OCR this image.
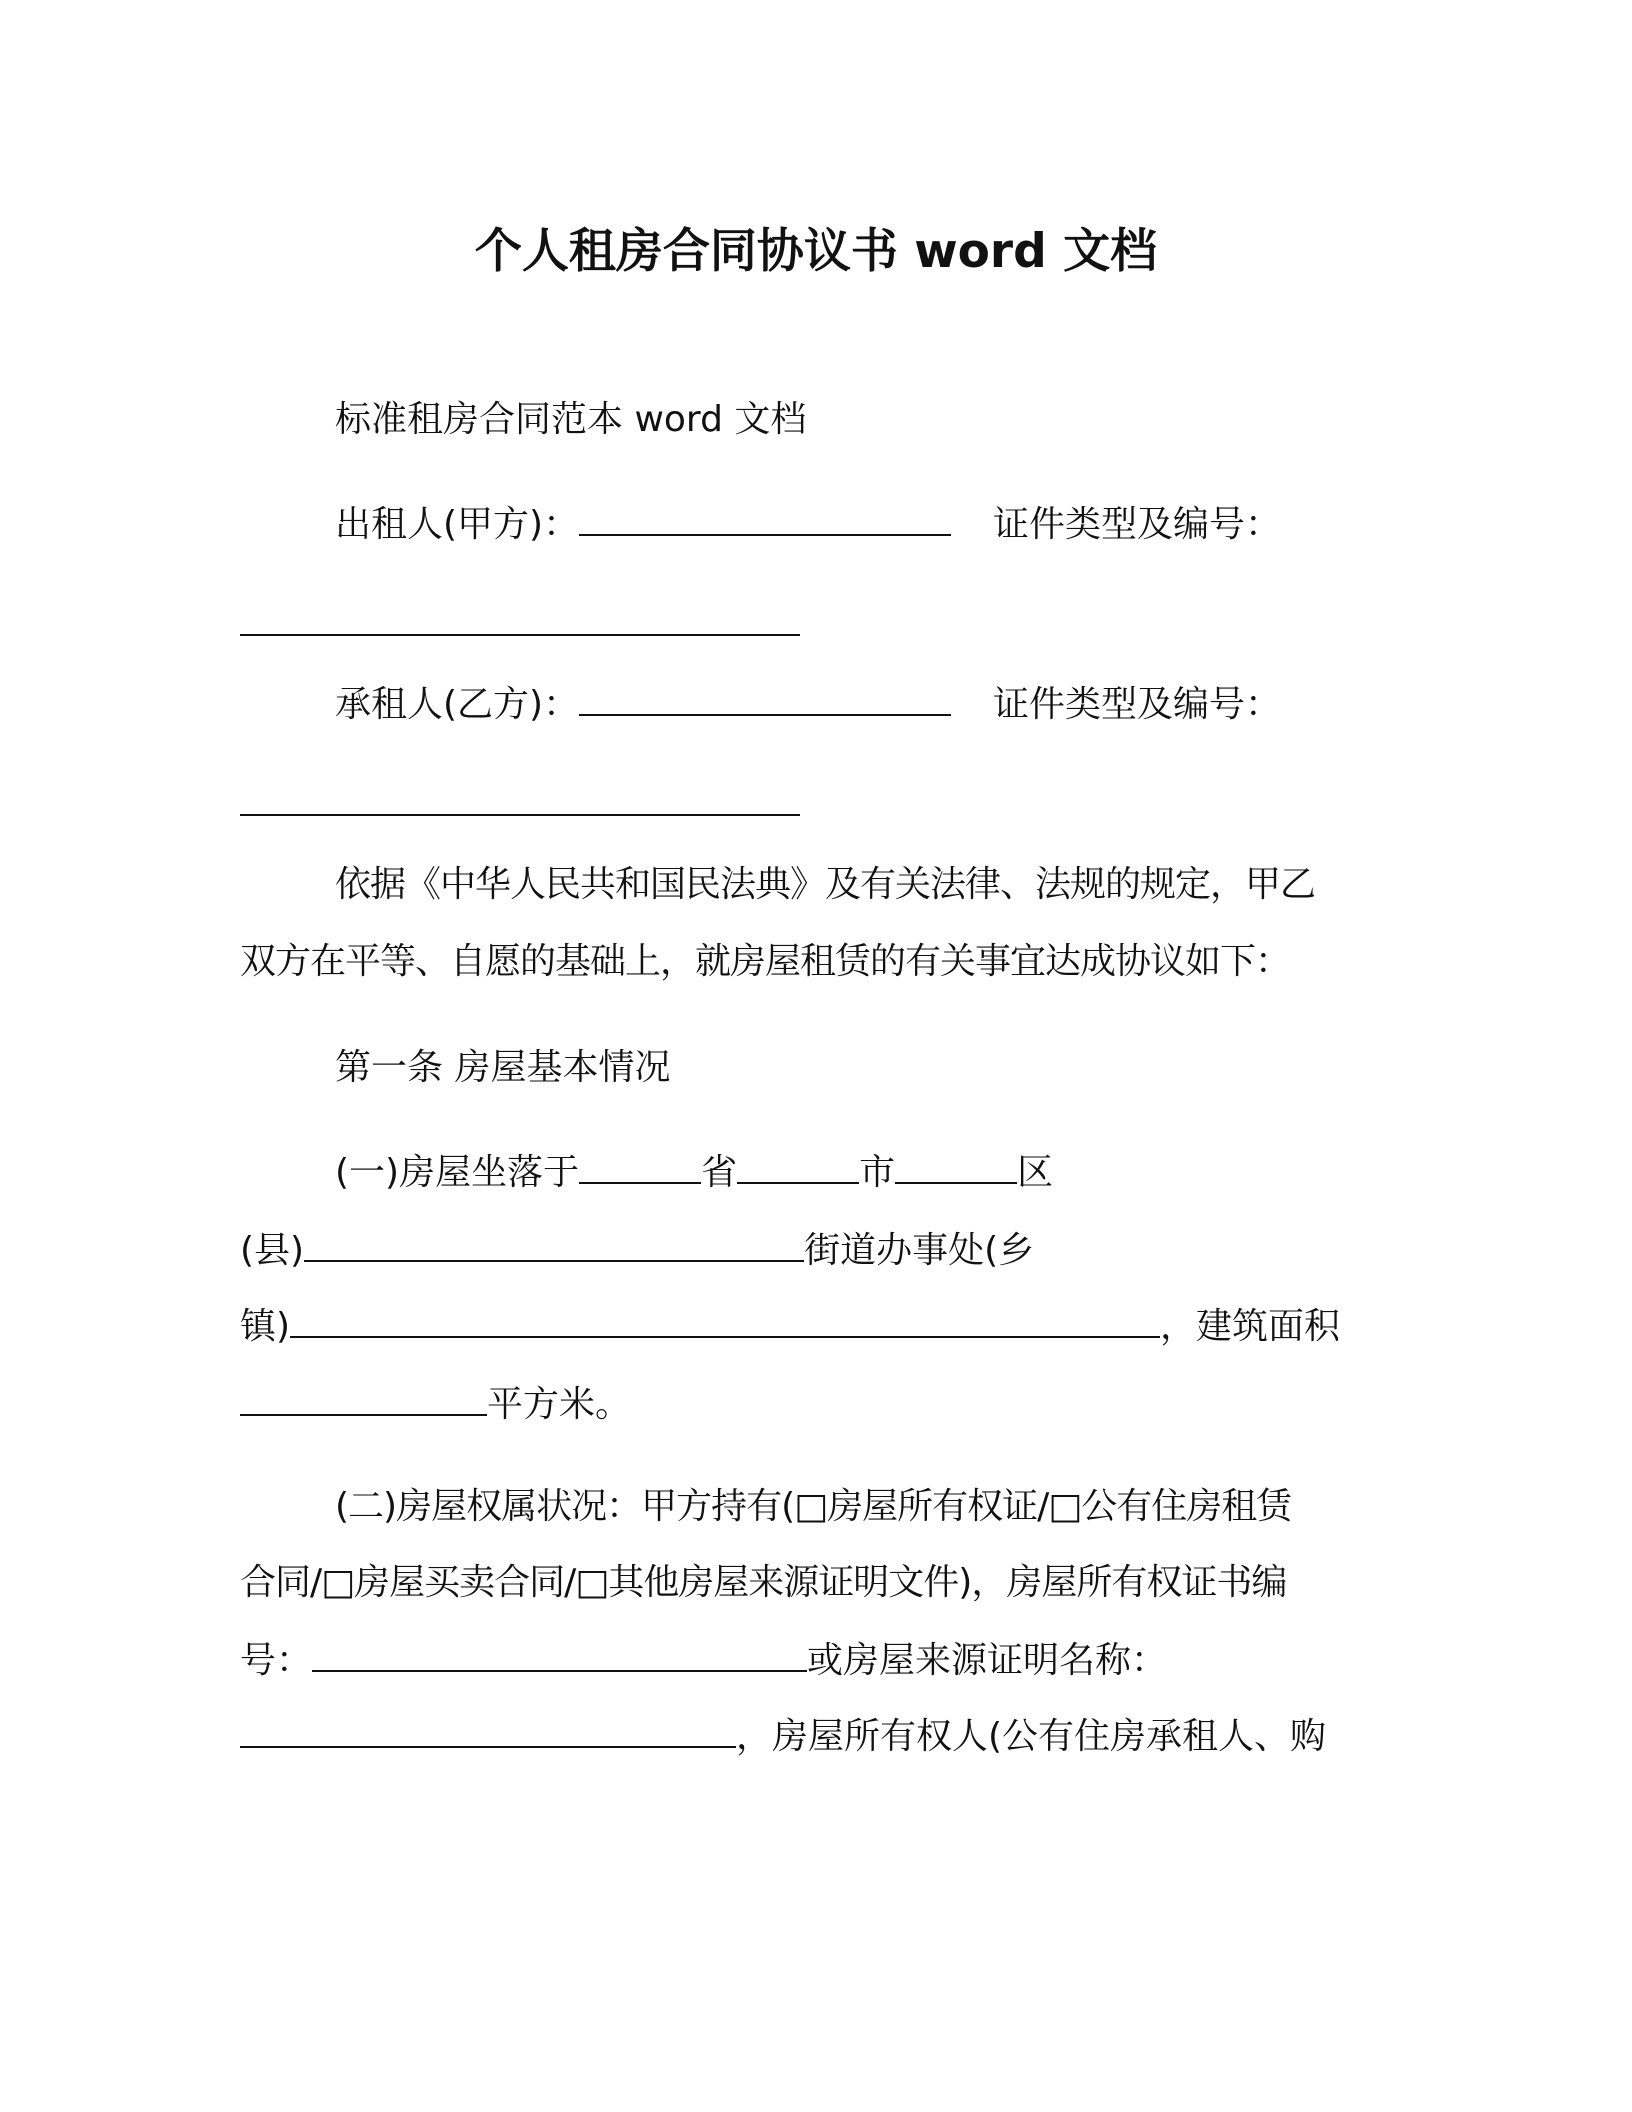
个人租房合同协议书 word 文档
标准租房合同范本 word 文档
出租人(甲方)：	证件类型及编号：
承租人(乙方)：	证件类型及编号：
依据《中华人民共和国民法典》及有关法律、法规的规定，甲乙
双方在平等、自愿的基础上，就房屋租赁的有关事宜达成协议如下：
第一条 房屋基本情况
(一)房屋坐落于	省	市	区
(县)	街道办事处(乡
镇)	，建筑面积
平方米。
(二)房屋权属状况：甲方持有(□房屋所有权证/□公有住房租赁
合同/□房屋买卖合同/□其他房屋来源证明文件)，房屋所有权证书编
号：	或房屋来源证明名称：
，房屋所有权人(公有住房承租人、购
